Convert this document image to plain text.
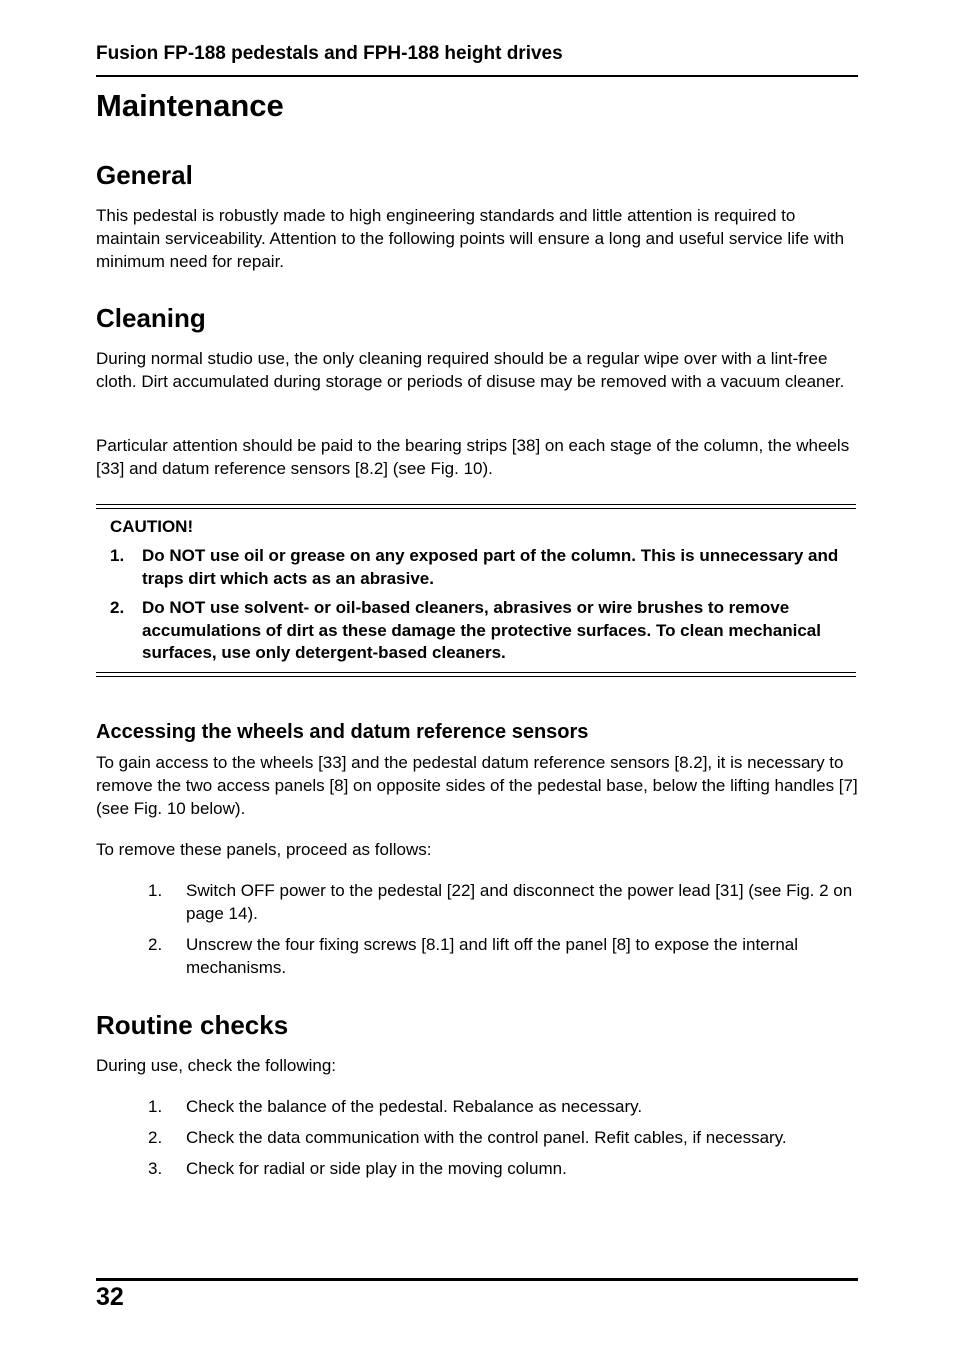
Fusion FP-188 pedestals and FPH-188 height drives
Maintenance
General

This pedestal is robustly made to high engineering standards and little attention is required to maintain serviceability. Attention to the following points will ensure a long and useful service life with minimum need for repair.

Cleaning

During normal studio use, the only cleaning required should be a regular wipe over with a lint-free cloth. Dirt accumulated during storage or periods of disuse may be removed with a vacuum cleaner.

Particular attention should be paid to the bearing strips [38] on each stage of the column, the wheels [33] and datum reference sensors [8.2] (see Fig. 10).

CAUTION!
1. Do NOT use oil or grease on any exposed part of the column. This is unnecessary and traps dirt which acts as an abrasive.
2. Do NOT use solvent- or oil-based cleaners, abrasives or wire brushes to remove accumulations of dirt as these damage the protective surfaces. To clean mechanical surfaces, use only detergent-based cleaners.
Accessing the wheels and datum reference sensors

To gain access to the wheels [33] and the pedestal datum reference sensors [8.2], it is necessary to remove the two access panels [8] on opposite sides of the pedestal base, below the lifting handles [7] (see Fig. 10 below).

To remove these panels, proceed as follows:

1. Switch OFF power to the pedestal [22] and disconnect the power lead [31] (see Fig. 2 on page 14).
2. Unscrew the four fixing screws [8.1] and lift off the panel [8] to expose the internal mechanisms.
Routine checks

During use, check the following:

1. Check the balance of the pedestal. Rebalance as necessary.
2. Check the data communication with the control panel. Refit cables, if necessary.
3. Check for radial or side play in the moving column.
32
